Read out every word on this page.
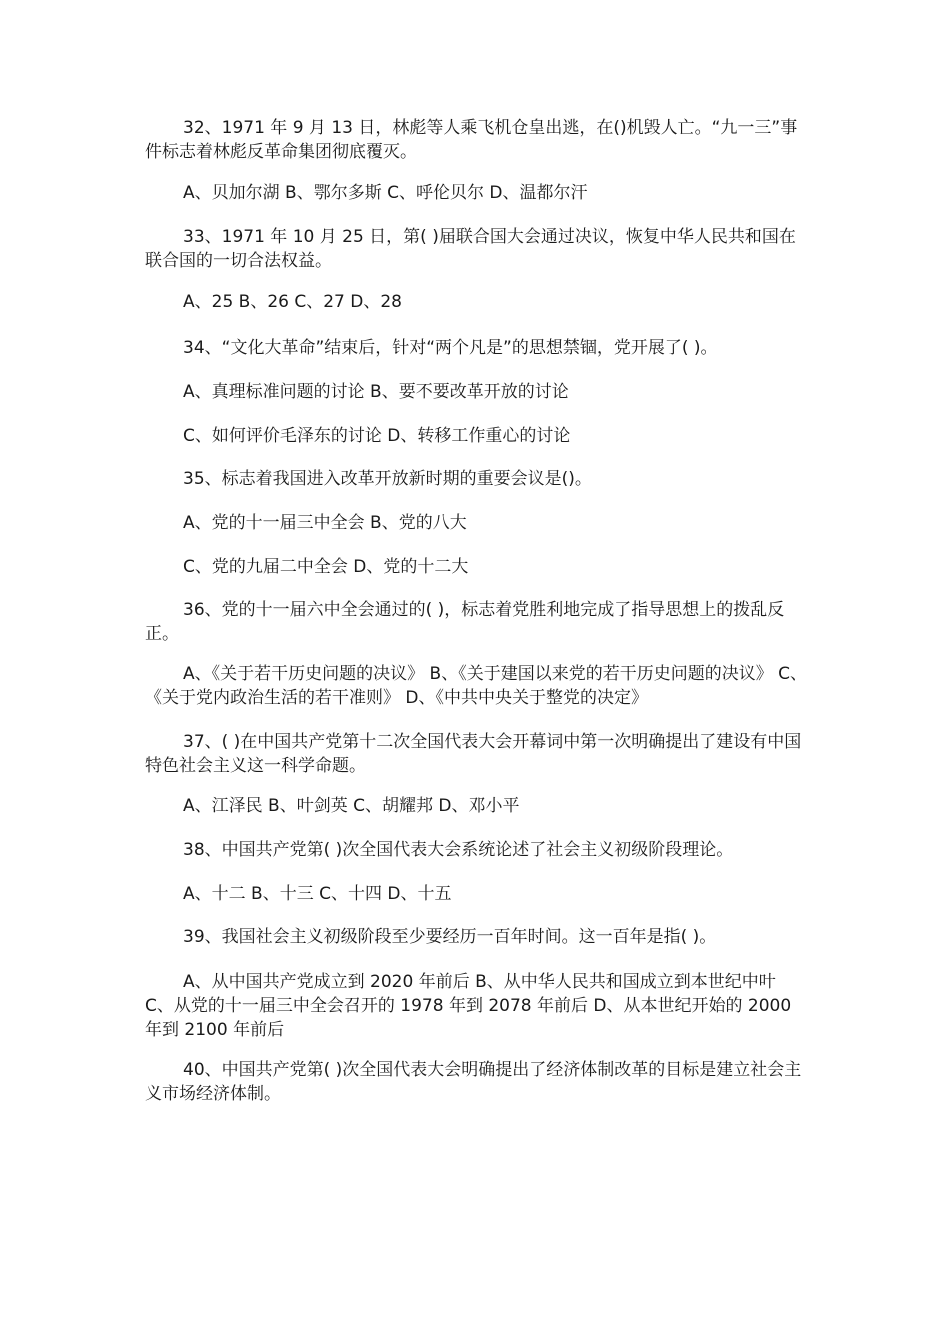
32、1971 年 9 月 13 日，林彪等人乘飞机仓皇出逃，在()机毁人亡。“九一三”事件标志着林彪反革命集团彻底覆灭。

A、贝加尔湖 B、鄂尔多斯 C、呼伦贝尔 D、温都尔汗

33、1971 年 10 月 25 日，第( )届联合国大会通过决议，恢复中华人民共和国在联合国的一切合法权益。

A、25 B、26 C、27 D、28

34、“文化大革命”结束后，针对“两个凡是”的思想禁锢，党开展了( )。

A、真理标准问题的讨论 B、要不要改革开放的讨论

C、如何评价毛泽东的讨论 D、转移工作重心的讨论

35、标志着我国进入改革开放新时期的重要会议是()。

A、党的十一届三中全会 B、党的八大

C、党的九届二中全会 D、党的十二大

36、党的十一届六中全会通过的( )，标志着党胜利地完成了指导思想上的拨乱反正。

A、《关于若干历史问题的决议》 B、《关于建国以来党的若干历史问题的决议》 C、《关于党内政治生活的若干准则》 D、《中共中央关于整党的决定》

37、( )在中国共产党第十二次全国代表大会开幕词中第一次明确提出了建设有中国特色社会主义这一科学命题。

A、江泽民 B、叶剑英 C、胡耀邦 D、邓小平

38、中国共产党第( )次全国代表大会系统论述了社会主义初级阶段理论。

A、十二 B、十三 C、十四 D、十五

39、我国社会主义初级阶段至少要经历一百年时间。这一百年是指( )。

A、从中国共产党成立到 2020 年前后 B、从中华人民共和国成立到本世纪中叶 C、从党的十一届三中全会召开的 1978 年到 2078 年前后 D、从本世纪开始的 2000 年到 2100 年前后

40、中国共产党第( )次全国代表大会明确提出了经济体制改革的目标是建立社会主义市场经济体制。
